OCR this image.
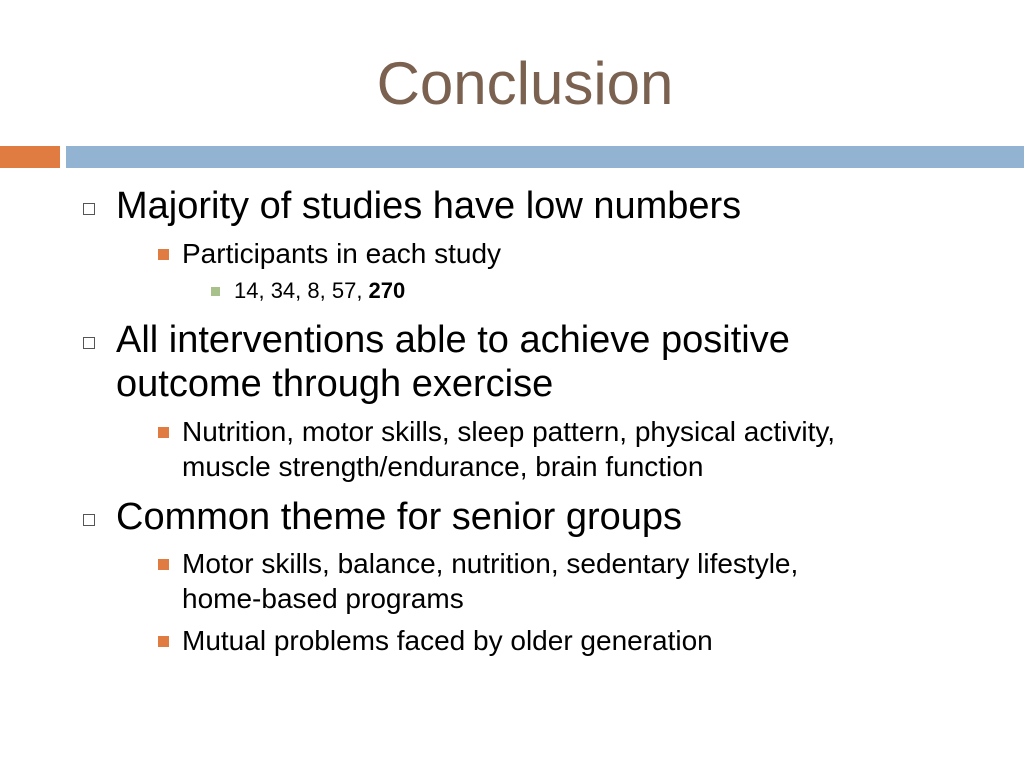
Conclusion
Majority of studies have low numbers
Participants in each study
14, 34, 8, 57, 270
All interventions able to achieve positive
outcome through exercise
Nutrition, motor skills, sleep pattern, physical activity,
muscle strength/endurance, brain function
Common theme for senior groups
Motor skills, balance, nutrition, sedentary lifestyle,
home-based programs
Mutual problems faced by older generation
